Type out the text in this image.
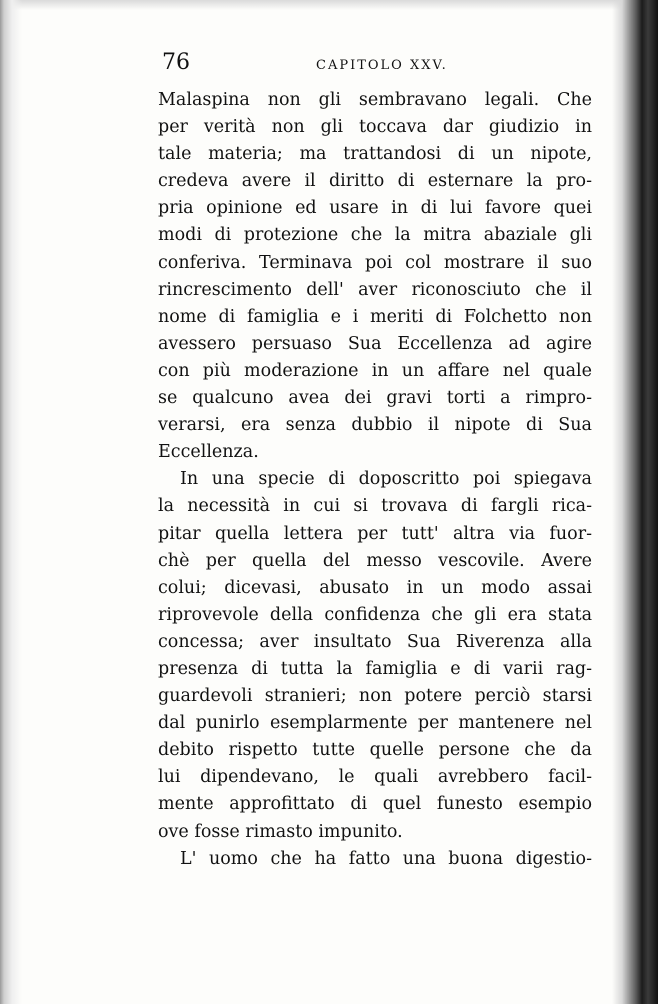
76	CAPITOLO XXV.
Malaspina non gli sembravano legali. Che
per verità non gli toccava dar giudizio in
tale materia; ma trattandosi di un nipote,
credeva avere il diritto di esternare la pro-
pria opinione ed usare in di lui favore quei
modi di protezione che la mitra abaziale gli
conferiva. Terminava poi col mostrare il suo
rincrescimento dell' aver riconosciuto che il
nome di famiglia e i meriti di Folchetto non
avessero persuaso Sua Eccellenza ad agire
con più moderazione in un affare nel quale
se qualcuno avea dei gravi torti a rimpro-
verarsi, era senza dubbio il nipote di Sua
Eccellenza.
In una specie di doposcritto poi spiegava
la necessità in cui si trovava di fargli rica-
pitar quella lettera per tutt' altra via fuor-
chè per quella del messo vescovile. Avere
colui; dicevasi, abusato in un modo assai
riprovevole della confidenza che gli era stata
concessa; aver insultato Sua Riverenza alla
presenza di tutta la famiglia e di varii rag-
guardevoli stranieri; non potere perciò starsi
dal punirlo esemplarmente per mantenere nel
debito rispetto tutte quelle persone che da
lui dipendevano, le quali avrebbero facil-
mente approfittato di quel funesto esempio
ove fosse rimasto impunito.
L' uomo che ha fatto una buona digestio-
